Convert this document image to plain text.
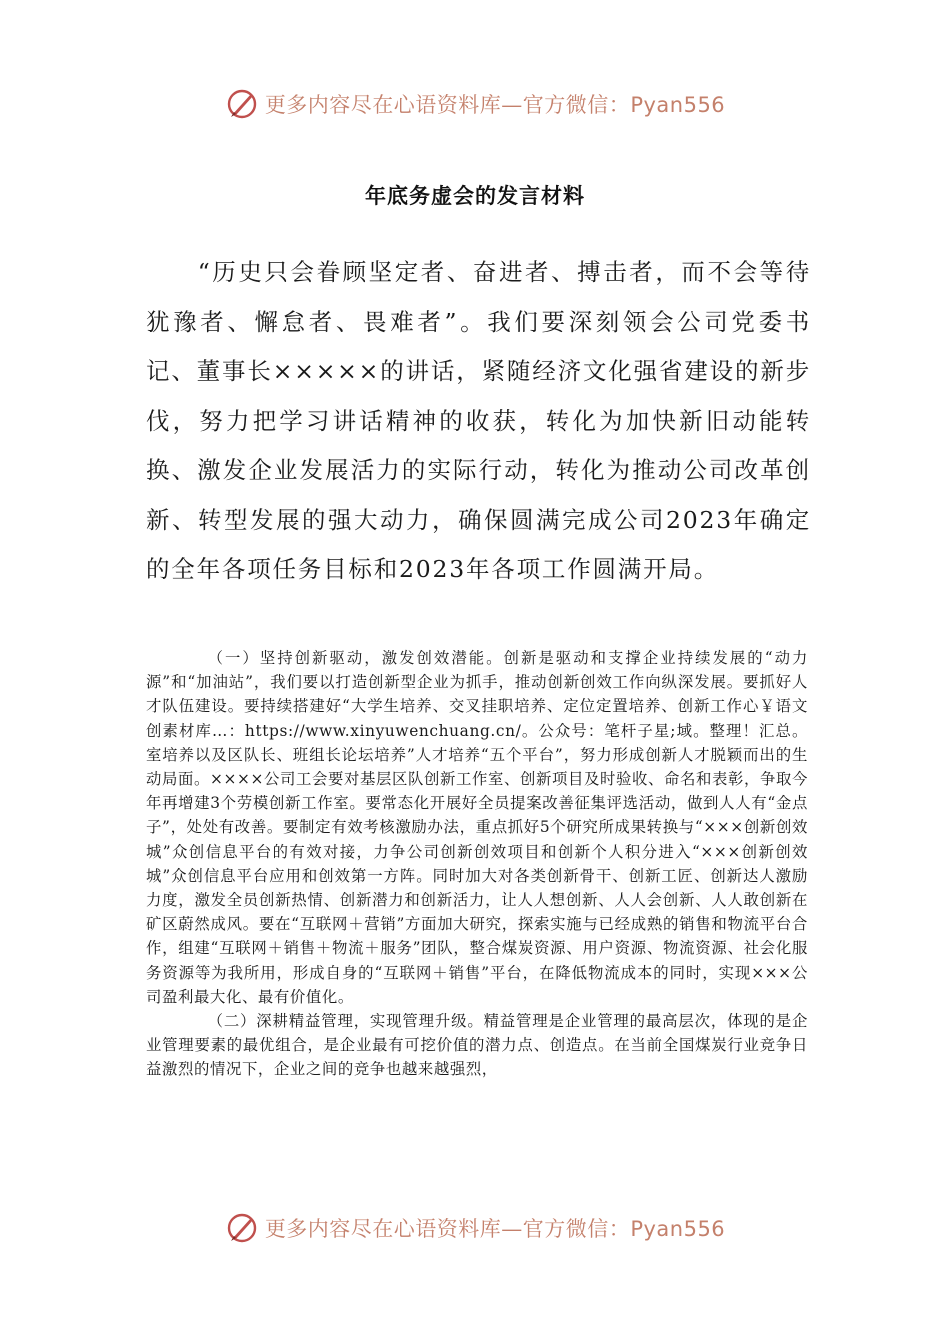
更多内容尽在心语资料库—官方微信：Pyan556
年底务虚会的发言材料

“历史只会眷顾坚定者、奋进者、搏击者，而不会等待犹豫者、懈怠者、畏难者”。我们要深刻领会公司党委书记、董事长×××××的讲话，紧随经济文化强省建设的新步伐，努力把学习讲话精神的收获，转化为加快新旧动能转换、激发企业发展活力的实际行动，转化为推动公司改革创新、转型发展的强大动力，确保圆满完成公司2023年确定的全年各项任务目标和2023年各项工作圆满开局。

（一）坚持创新驱动，激发创效潜能。创新是驱动和支撑企业持续发展的“动力源”和“加油站”，我们要以打造创新型企业为抓手，推动创新创效工作向纵深发展。要抓好人才队伍建设。要持续搭建好“大学生培养、交叉挂职培养、定位定置培养、创新工作心￥语文创素材库…：https://www.xinyuwenchuang.cn/。公众号：笔杆子星;域。整理！汇总。室培养以及区队长、班组长论坛培养”人才培养“五个平台”，努力形成创新人才脱颖而出的生动局面。××××公司工会要对基层区队创新工作室、创新项目及时验收、命名和表彰，争取今年再增建3个劳模创新工作室。要常态化开展好全员提案改善征集评选活动，做到人人有“金点子”，处处有改善。要制定有效考核激励办法，重点抓好5个研究所成果转换与“×××创新创效城”众创信息平台的有效对接，力争公司创新创效项目和创新个人积分进入“×××创新创效城”众创信息平台应用和创效第一方阵。同时加大对各类创新骨干、创新工匠、创新达人激励力度，激发全员创新热情、创新潜力和创新活力，让人人想创新、人人会创新、人人敢创新在矿区蔚然成风。要在“互联网＋营销”方面加大研究，探索实施与已经成熟的销售和物流平台合作，组建“互联网＋销售＋物流＋服务”团队，整合煤炭资源、用户资源、物流资源、社会化服务资源等为我所用，形成自身的“互联网＋销售”平台，在降低物流成本的同时，实现×××公司盈利最大化、最有价值化。

（二）深耕精益管理，实现管理升级。精益管理是企业管理的最高层次，体现的是企业管理要素的最优组合，是企业最有可挖价值的潜力点、创造点。在当前全国煤炭行业竞争日益激烈的情况下，企业之间的竞争也越来越强烈，

更多内容尽在心语资料库—官方微信：Pyan556
